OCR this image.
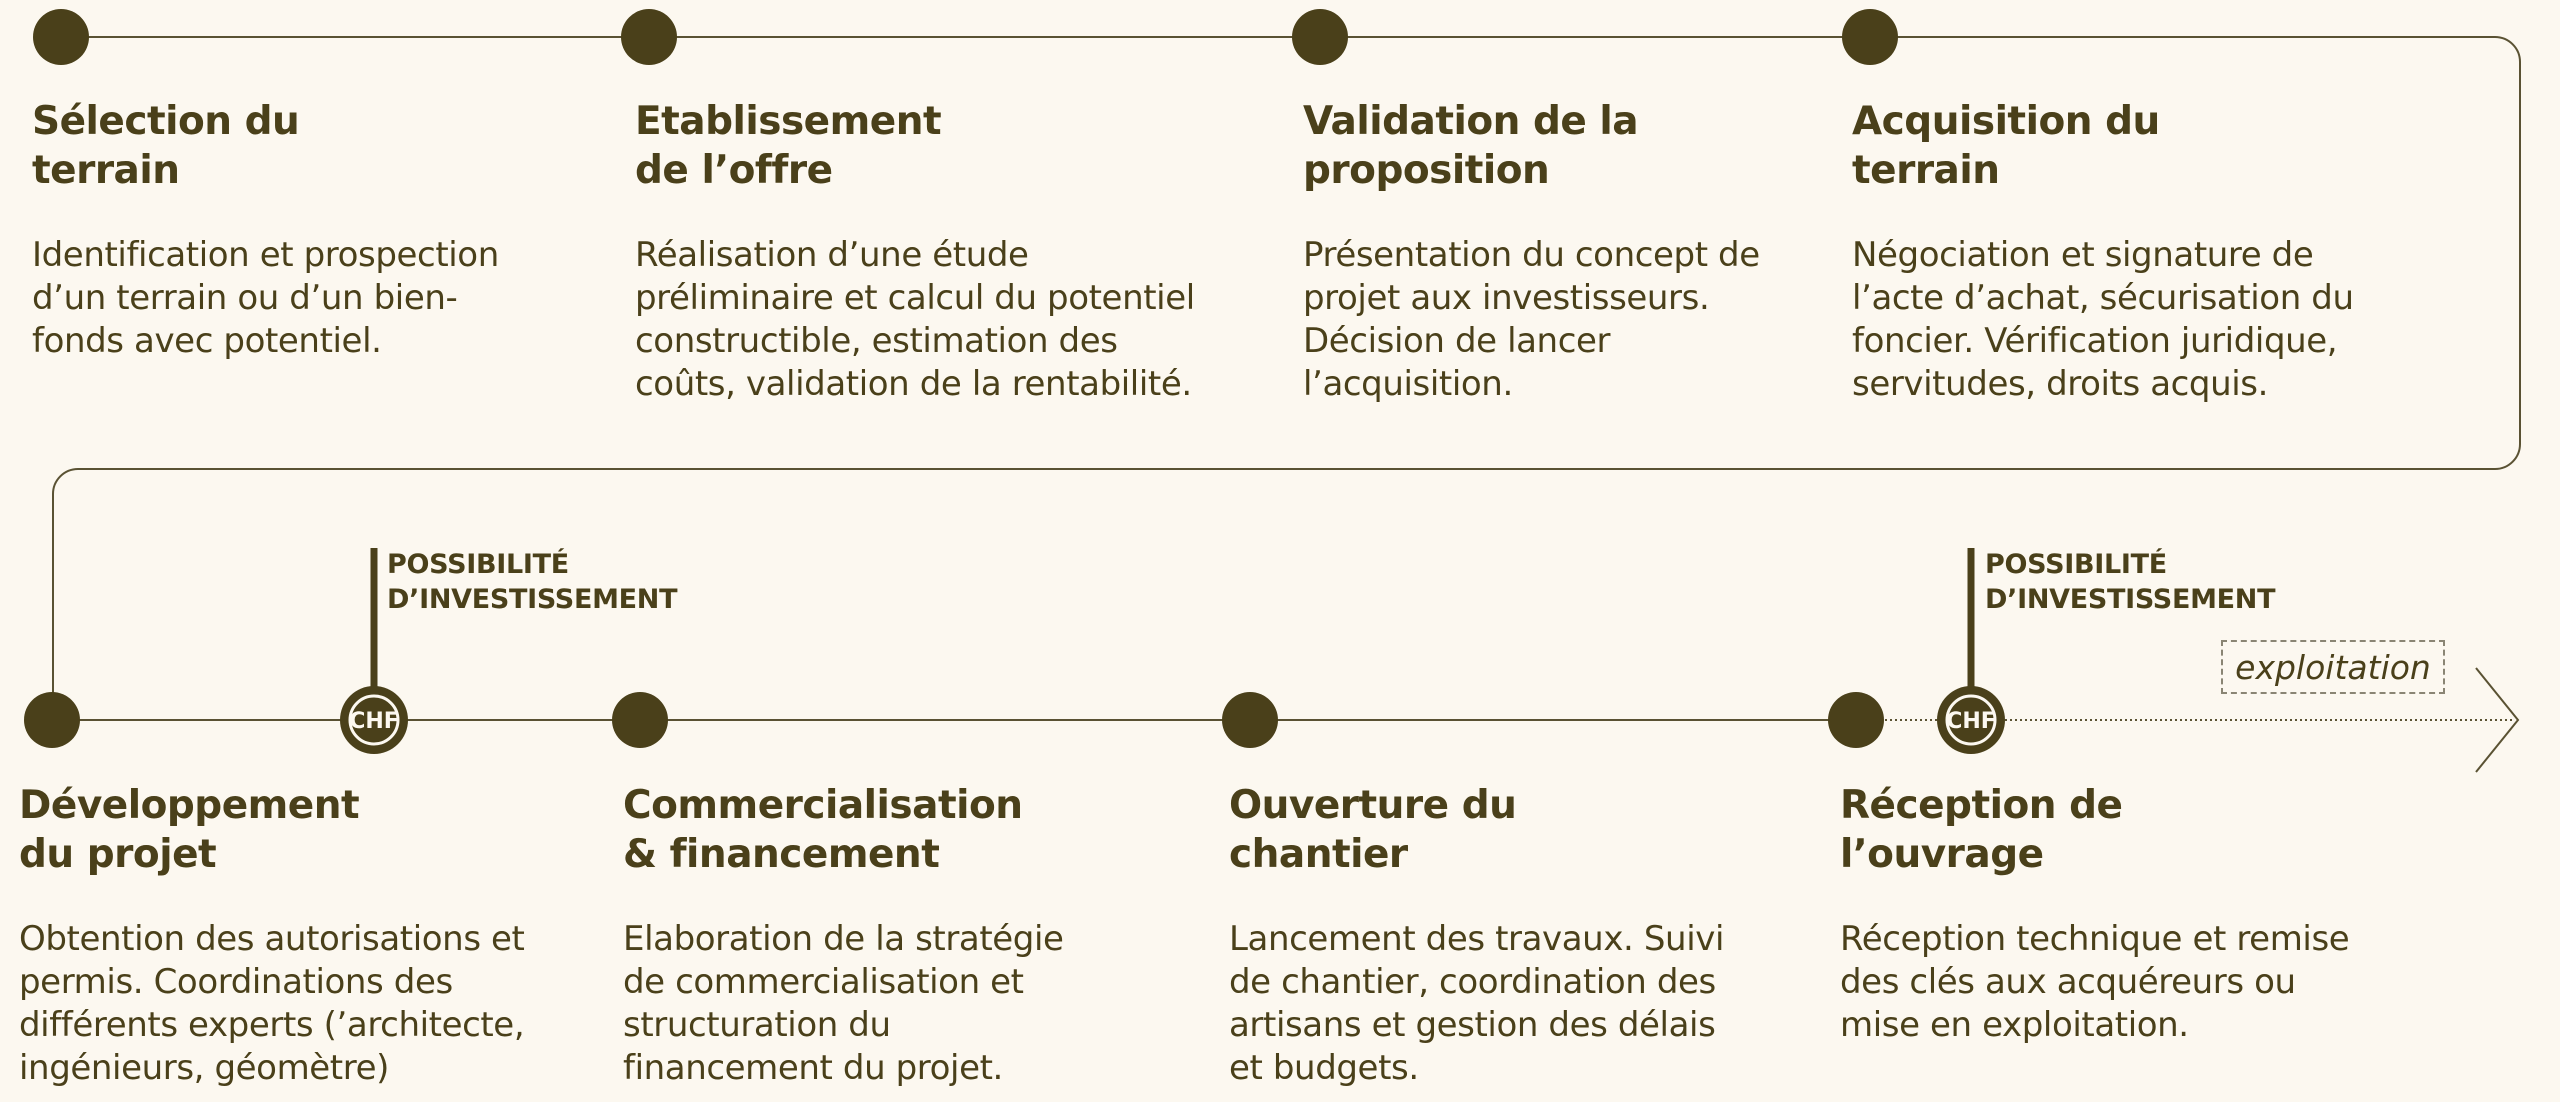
CHF	CHF

Sélection du
terrain

Identification et prospection
d’un terrain ou d’un bien-
fonds avec potentiel.

Etablissement
de l’offre

Réalisation d’une étude
préliminaire et calcul du potentiel
constructible, estimation des
coûts, validation de la rentabilité.

Validation de la
proposition

Présentation du concept de
projet aux investisseurs.
Décision de lancer
l’acquisition.

Acquisition du
terrain

Négociation et signature de
l’acte d’achat, sécurisation du
foncier. Vérification juridique,
servitudes, droits acquis.

Développement
du projet

Obtention des autorisations et
permis. Coordinations des
différents experts (’architecte,
ingénieurs, géomètre)

Commercialisation
& financement

Elaboration de la stratégie
de commercialisation et
structuration du
financement du projet.

Ouverture du
chantier

Lancement des travaux. Suivi
de chantier, coordination des
artisans et gestion des délais
et budgets.

Réception de
l’ouvrage

Réception technique et remise
des clés aux acquéreurs ou
mise en exploitation.

POSSIBILITÉ
D’INVESTISSEMENT
POSSIBILITÉ
D’INVESTISSEMENT
exploitation
